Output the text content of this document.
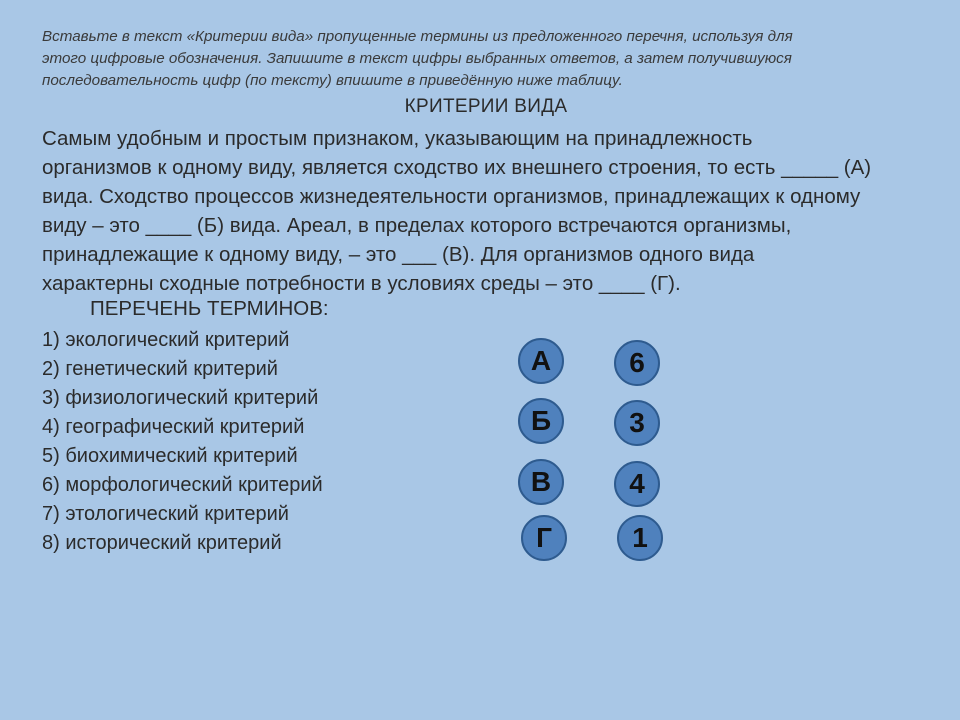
Вставьте в текст «Критерии вида» пропущенные термины из предложенного перечня, используя для
этого цифровые обозначения. Запишите в текст цифры выбранных ответов, а затем получившуюся
последовательность цифр (по тексту) впишите в приведённую ниже таблицу.
КРИТЕРИИ ВИДА
Самым удобным и простым признаком, указывающим на принадлежность
организмов к одному виду, является сходство их внешнего строения, то есть _____ (А)
вида. Сходство процессов жизнедеятельности организмов, принадлежащих к одному
виду – это ____ (Б) вида. Ареал, в пределах которого встречаются организмы,
принадлежащие к одному виду, – это ___ (В). Для организмов одного вида
характерны сходные потребности в условиях среды – это ____ (Г).
ПЕРЕЧЕНЬ ТЕРМИНОВ:
1) экологический критерий
2) генетический критерий
3) физиологический критерий
4) географический критерий
5) биохимический критерий
6) морфологический критерий
7) этологический критерий
8) исторический критерий
А	6
Б	3
В	4
Г	1
